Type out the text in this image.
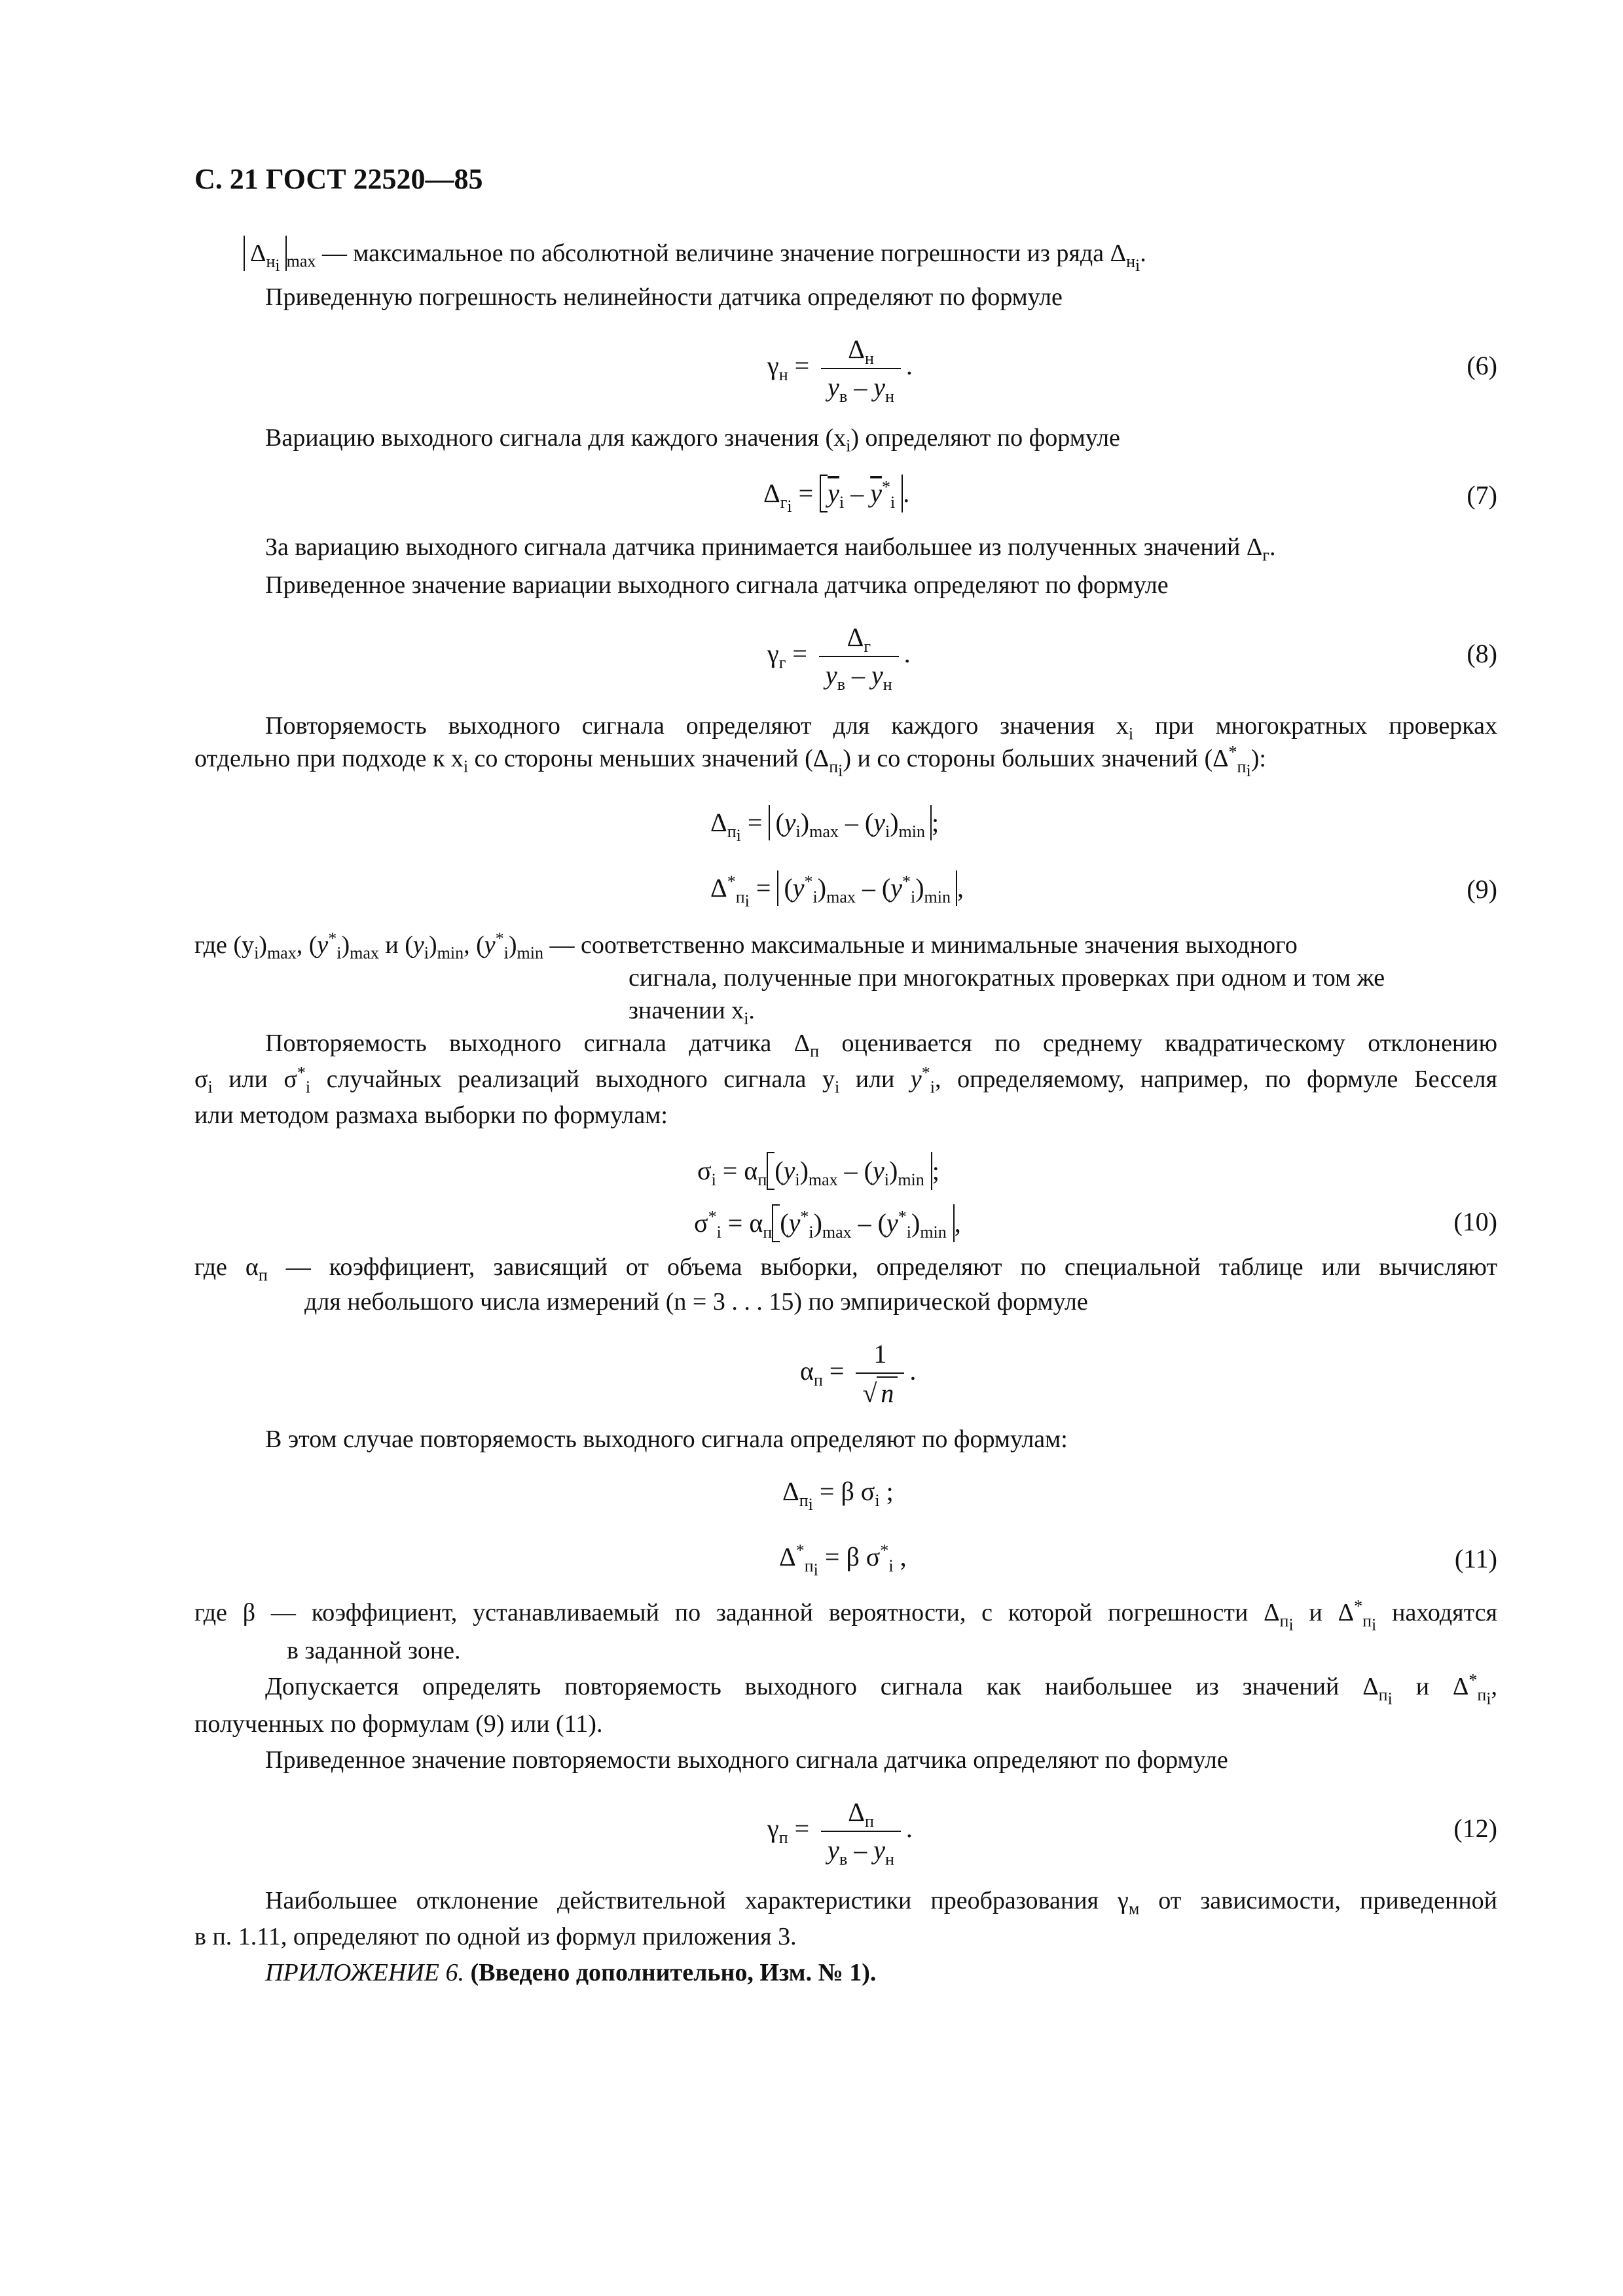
С. 21 ГОСТ 22520—85
$\Delta_{н_i}$ $_{max}$ — максимальное по абсолютной величине значение погрешности из ряда $\Delta_{н_i}$.
Приведенную погрешность нелинейности датчика определяют по формуле
$\gamma_н = \frac{\Delta_н}{y_в - y_н}$ .	(6)
Вариацию выходного сигнала для каждого значения $(x_i)$ определяют по формуле
$\Delta_{г_i} = \overline{y}_i - \overline{y}^*_i$ .	(7)
За вариацию выходного сигнала датчика принимается наибольшее из полученных значений $\Delta_г$.
Приведенное значение вариации выходного сигнала датчика определяют по формуле
$\gamma_г = \frac{\Delta_г}{y_в - y_н}$ .	(8)
Повторяемость выходного сигнала определяют для каждого значения $x_i$ при многократных проверках
отдельно при подходе к $x_i$ со стороны меньших значений $(\Delta_{п_i})$ и со стороны больших значений $(\Delta^*_{п_i})$:
$\Delta_{п_i} = (y_i)_{max} - (y_i)_{min}$ ;
$\Delta^*_{п_i} = (y^*_i)_{max} - (y^*_i)_{min}$ ,	(9)
где $(y_i)_{max}$, $(y^*_i)_{max}$ и $(y_i)_{min}$, $(y^*_i)_{min}$ — соответственно максимальные и минимальные значения выходного
сигнала, полученные при многократных проверках при одном и том же
значении $x_i$.
Повторяемость выходного сигнала датчика $\Delta_п$ оценивается по среднему квадратическому отклонению
$\sigma_i$ или $\sigma^*_i$ случайных реализаций выходного сигнала $y_i$ или $y^*_i$, определяемому, например, по формуле Бесселя
или методом размаха выборки по формулам:
$\sigma_i = \alpha_п$ $(y_i)_{max} - (y_i)_{min}$ ;
$\sigma^*_i = \alpha_п$ $(y^*_i)_{max} - (y^*_i)_{min}$ ,	(10)
где $\alpha_п$ — коэффициент, зависящий от объема выборки, определяют по специальной таблице или вычисляют
для небольшого числа измерений (n = 3 . . . 15) по эмпирической формуле
$\alpha_п = \frac{1}{√ n}$ .
В этом случае повторяемость выходного сигнала определяют по формулам:
$\Delta_{п_i} = \beta$ $\sigma_i$ ;
$\Delta^*_{п_i} = \beta$ $\sigma^*_i$ ,	(11)
где β — коэффициент, устанавливаемый по заданной вероятности, с которой погрешности $\Delta_{п_i}$ и $\Delta^*_{п_i}$ находятся
в заданной зоне.
Допускается определять повторяемость выходного сигнала как наибольшее из значений $\Delta_{п_i}$ и $\Delta^*_{п_i}$,
полученных по формулам (9) или (11).
Приведенное значение повторяемости выходного сигнала датчика определяют по формуле
$\gamma_п = \frac{\Delta_п}{y_в - y_н}$ .	(12)
Наибольшее отклонение действительной характеристики преобразования $\gamma_м$ от зависимости, приведенной
в п. 1.11, определяют по одной из формул приложения 3.
ПРИЛОЖЕНИЕ 6. (Введено дополнительно, Изм. № 1).
